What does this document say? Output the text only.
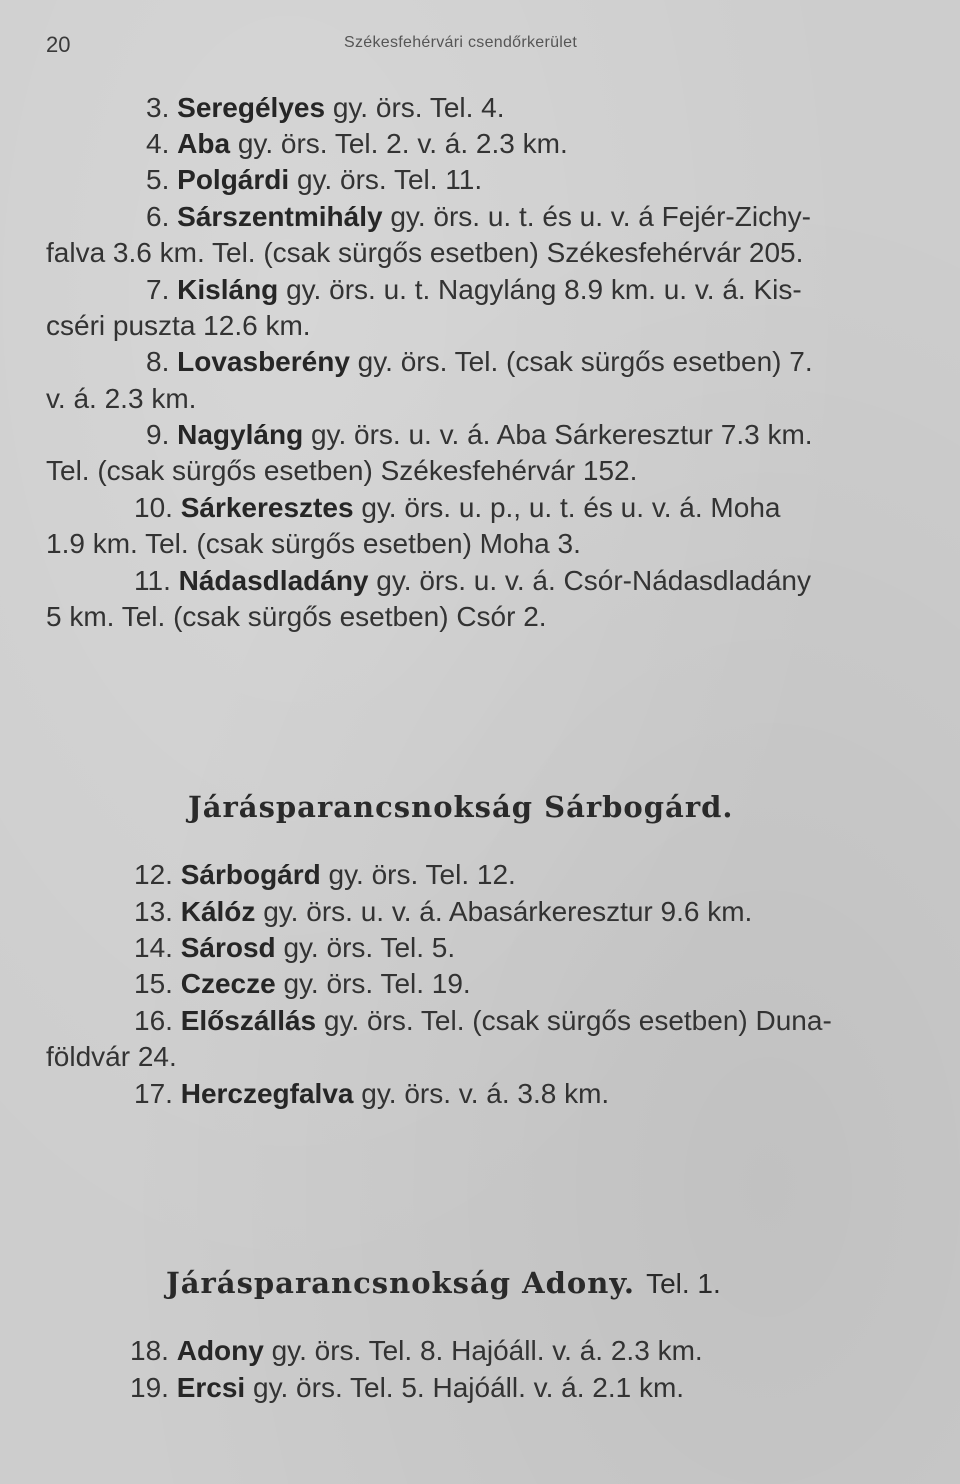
20	Székesfehérvári csendőrkerület
3. Seregélyes gy. örs. Tel. 4.
4. Aba gy. örs. Tel. 2. v. á. 2.3 km.
5. Polgárdi gy. örs. Tel. 11.
6. Sárszentmihály gy. örs. u. t. és u. v. á Fejér-Zichy-
falva 3.6 km. Tel. (csak sürgős esetben) Székesfehérvár 205.
7. Kisláng gy. örs. u. t. Nagyláng 8.9 km. u. v. á. Kis-
cséri puszta 12.6 km.
8. Lovasberény gy. örs. Tel. (csak sürgős esetben) 7.
v. á. 2.3 km.
9. Nagyláng gy. örs. u. v. á. Aba Sárkeresztur 7.3 km.
Tel. (csak sürgős esetben) Székesfehérvár 152.
10. Sárkeresztes gy. örs. u. p., u. t. és u. v. á. Moha
1.9 km. Tel. (csak sürgős esetben) Moha 3.
11. Nádasdladány gy. örs. u. v. á. Csór-Nádasdladány
5 km. Tel. (csak sürgős esetben) Csór 2.
Járásparancsnokság Sárbogárd.
12. Sárbogárd gy. örs. Tel. 12.
13. Kálóz gy. örs. u. v. á. Abasárkeresztur 9.6 km.
14. Sárosd gy. örs. Tel. 5.
15. Czecze gy. örs. Tel. 19.
16. Előszállás gy. örs. Tel. (csak sürgős esetben) Duna-
földvár 24.
17. Herczegfalva gy. örs. v. á. 3.8 km.
Járásparancsnokság Adony. Tel. 1.
18. Adony gy. örs. Tel. 8. Hajóáll. v. á. 2.3 km.
19. Ercsi gy. örs. Tel. 5. Hajóáll. v. á. 2.1 km.
